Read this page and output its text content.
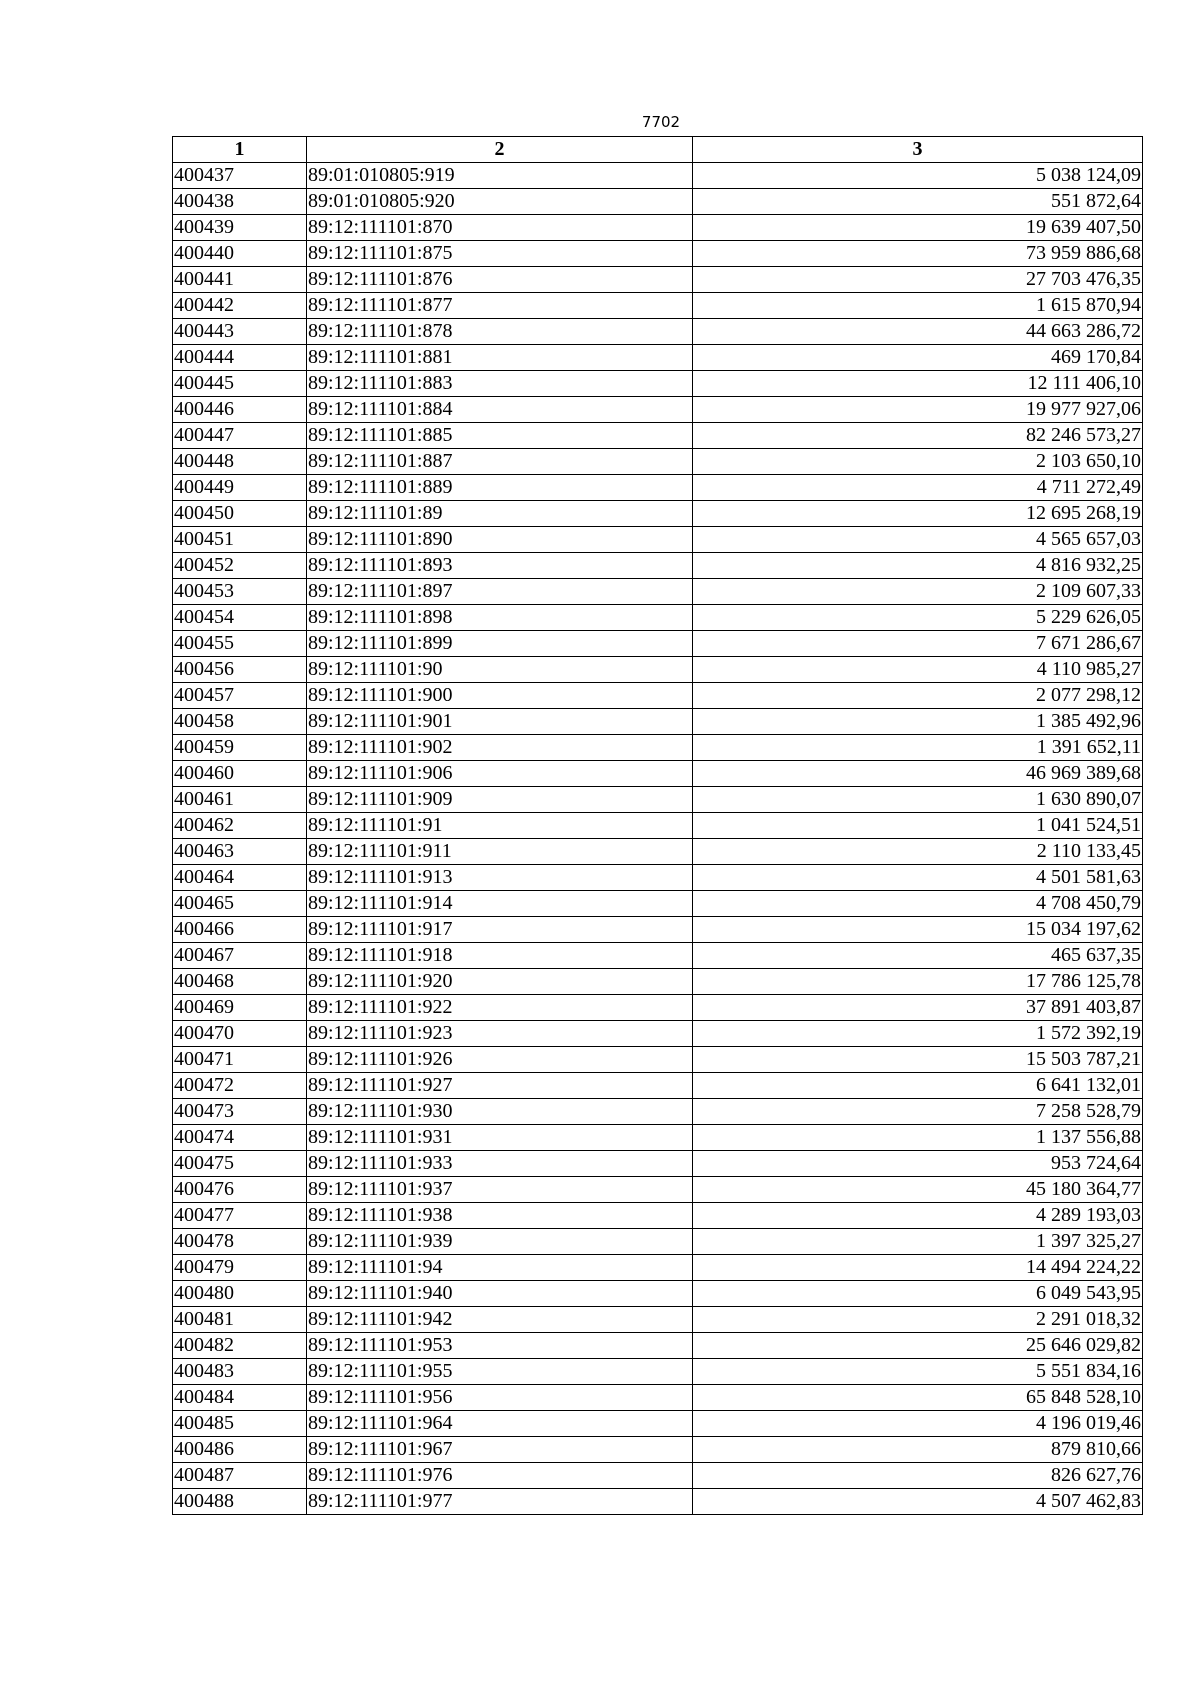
7702
1	2	3
400437	89:01:010805:919	5 038 124,09
400438	89:01:010805:920	551 872,64
400439	89:12:111101:870	19 639 407,50
400440	89:12:111101:875	73 959 886,68
400441	89:12:111101:876	27 703 476,35
400442	89:12:111101:877	1 615 870,94
400443	89:12:111101:878	44 663 286,72
400444	89:12:111101:881	469 170,84
400445	89:12:111101:883	12 111 406,10
400446	89:12:111101:884	19 977 927,06
400447	89:12:111101:885	82 246 573,27
400448	89:12:111101:887	2 103 650,10
400449	89:12:111101:889	4 711 272,49
400450	89:12:111101:89	12 695 268,19
400451	89:12:111101:890	4 565 657,03
400452	89:12:111101:893	4 816 932,25
400453	89:12:111101:897	2 109 607,33
400454	89:12:111101:898	5 229 626,05
400455	89:12:111101:899	7 671 286,67
400456	89:12:111101:90	4 110 985,27
400457	89:12:111101:900	2 077 298,12
400458	89:12:111101:901	1 385 492,96
400459	89:12:111101:902	1 391 652,11
400460	89:12:111101:906	46 969 389,68
400461	89:12:111101:909	1 630 890,07
400462	89:12:111101:91	1 041 524,51
400463	89:12:111101:911	2 110 133,45
400464	89:12:111101:913	4 501 581,63
400465	89:12:111101:914	4 708 450,79
400466	89:12:111101:917	15 034 197,62
400467	89:12:111101:918	465 637,35
400468	89:12:111101:920	17 786 125,78
400469	89:12:111101:922	37 891 403,87
400470	89:12:111101:923	1 572 392,19
400471	89:12:111101:926	15 503 787,21
400472	89:12:111101:927	6 641 132,01
400473	89:12:111101:930	7 258 528,79
400474	89:12:111101:931	1 137 556,88
400475	89:12:111101:933	953 724,64
400476	89:12:111101:937	45 180 364,77
400477	89:12:111101:938	4 289 193,03
400478	89:12:111101:939	1 397 325,27
400479	89:12:111101:94	14 494 224,22
400480	89:12:111101:940	6 049 543,95
400481	89:12:111101:942	2 291 018,32
400482	89:12:111101:953	25 646 029,82
400483	89:12:111101:955	5 551 834,16
400484	89:12:111101:956	65 848 528,10
400485	89:12:111101:964	4 196 019,46
400486	89:12:111101:967	879 810,66
400487	89:12:111101:976	826 627,76
400488	89:12:111101:977	4 507 462,83
